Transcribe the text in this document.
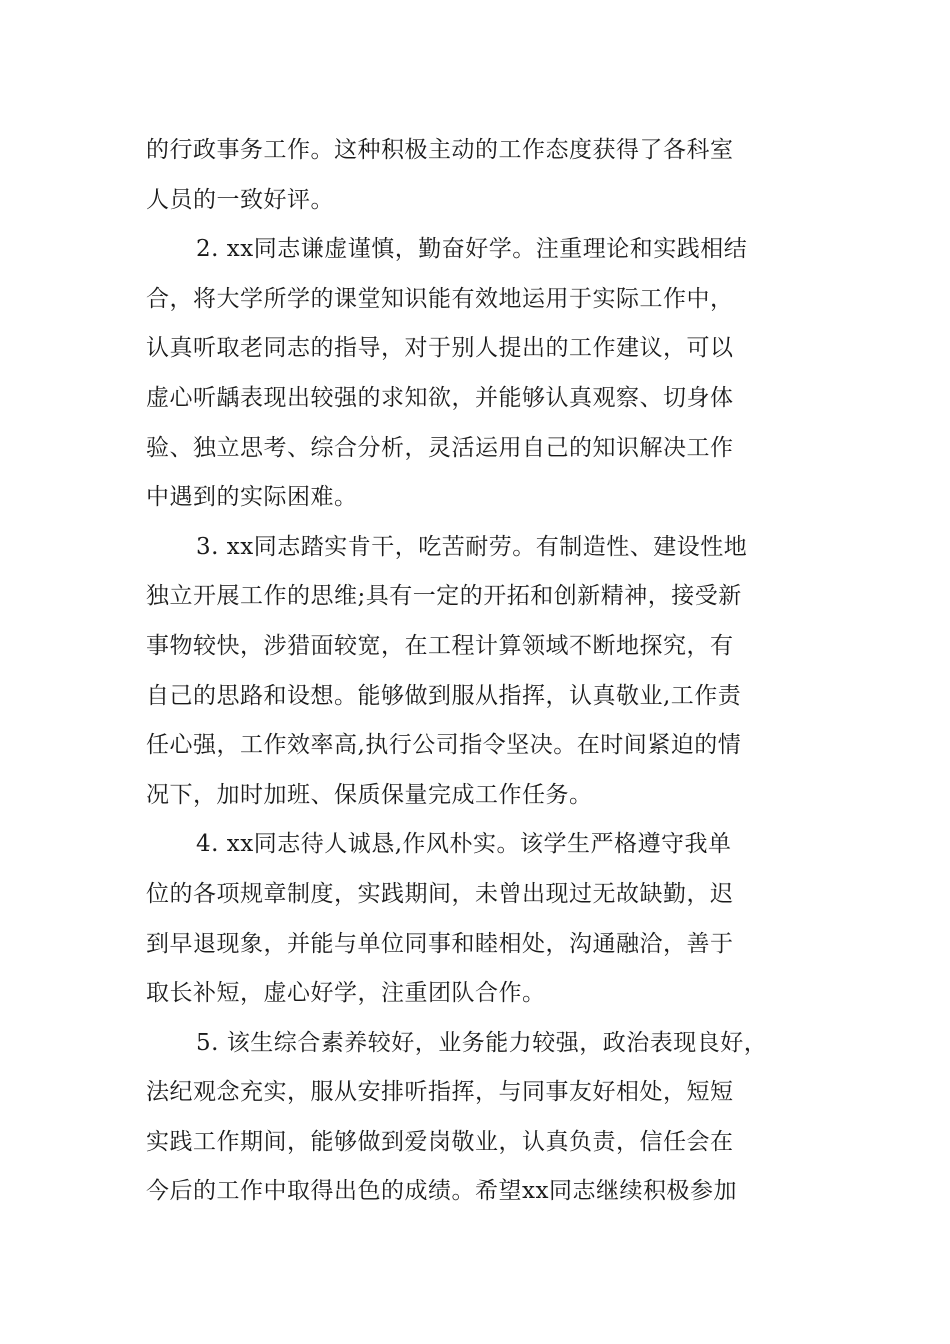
的行政事务工作。这种积极主动的工作态度获得了各科室
人员的一致好评。
2. xx同志谦虚谨慎，勤奋好学。注重理论和实践相结
合，将大学所学的课堂知识能有效地运用于实际工作中，
认真听取老同志的指导，对于别人提出的工作建议，可以
虚心听龋表现出较强的求知欲，并能够认真观察、切身体
验、独立思考、综合分析，灵活运用自己的知识解决工作
中遇到的实际困难。
3. xx同志踏实肯干，吃苦耐劳。有制造性、建设性地
独立开展工作的思维;具有一定的开拓和创新精神，接受新
事物较快，涉猎面较宽，在工程计算领域不断地探究，有
自己的思路和设想。能够做到服从指挥，认真敬业,工作责
任心强，工作效率高,执行公司指令坚决。在时间紧迫的情
况下，加时加班、保质保量完成工作任务。
4. xx同志待人诚恳,作风朴实。该学生严格遵守我单
位的各项规章制度，实践期间，未曾出现过无故缺勤，迟
到早退现象，并能与单位同事和睦相处，沟通融洽，善于
取长补短，虚心好学，注重团队合作。
5. 该生综合素养较好，业务能力较强，政治表现良好，
法纪观念充实，服从安排听指挥，与同事友好相处，短短
实践工作期间，能够做到爱岗敬业，认真负责，信任会在
今后的工作中取得出色的成绩。希望xx同志继续积极参加
